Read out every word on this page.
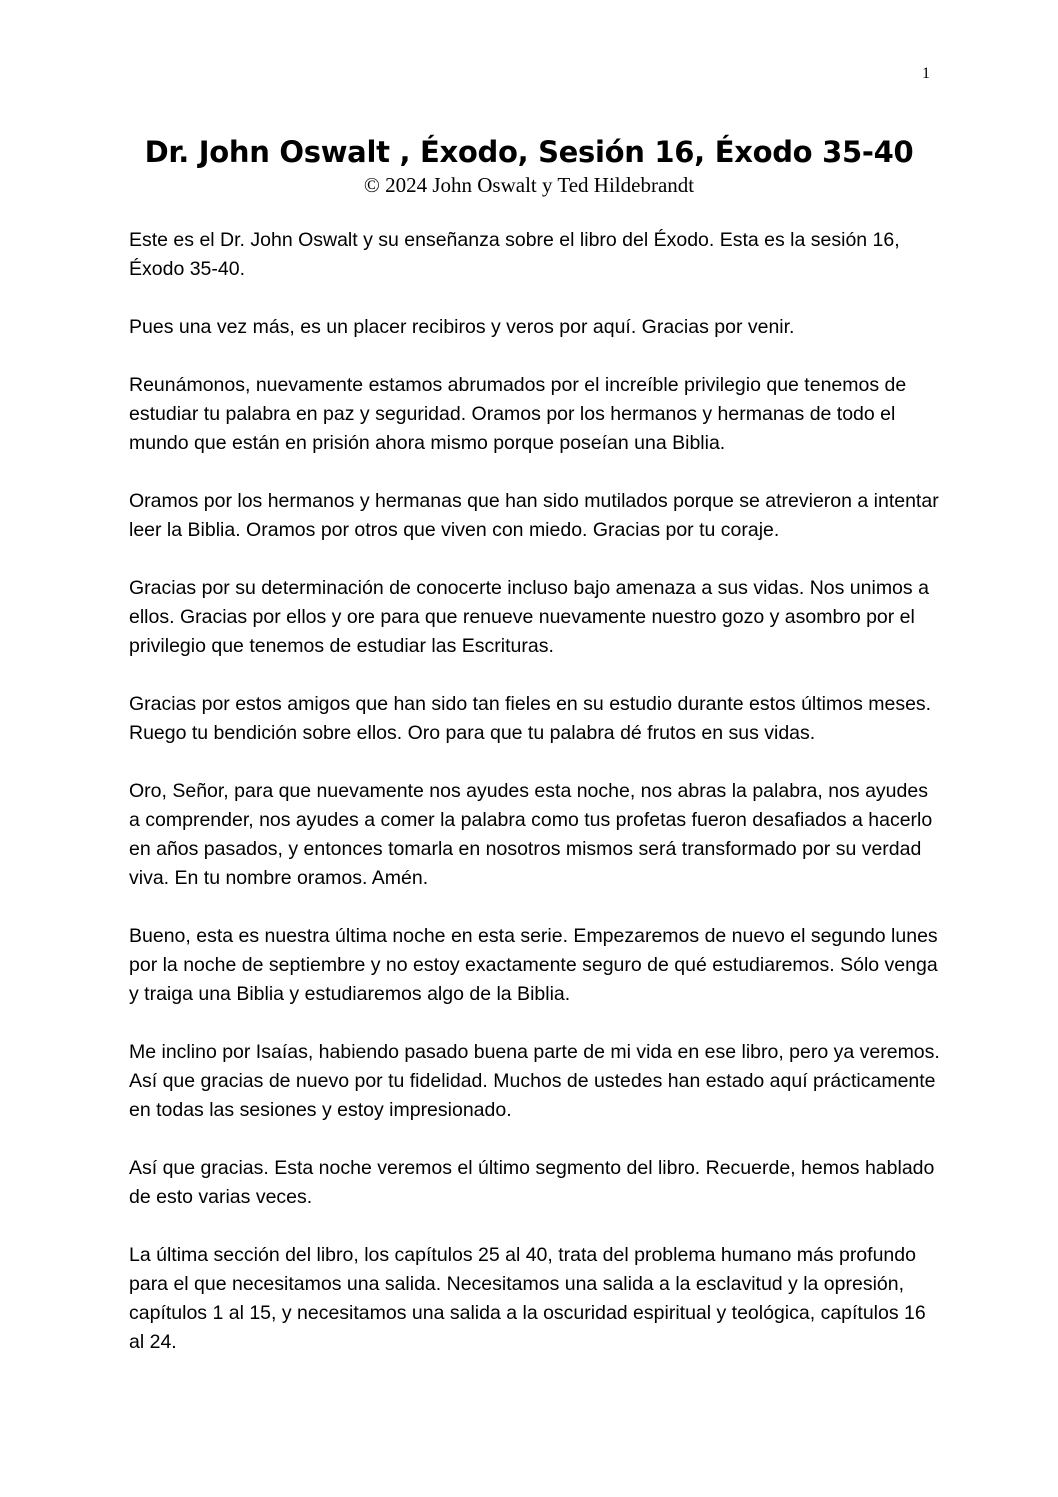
1
Dr. John Oswalt , Éxodo, Sesión 16, Éxodo 35-40
© 2024 John Oswalt y Ted Hildebrandt

Este es el Dr. John Oswalt y su enseñanza sobre el libro del Éxodo. Esta es la sesión 16, Éxodo 35-40.

Pues una vez más, es un placer recibiros y veros por aquí. Gracias por venir.

Reunámonos, nuevamente estamos abrumados por el increíble privilegio que tenemos de estudiar tu palabra en paz y seguridad. Oramos por los hermanos y hermanas de todo el mundo que están en prisión ahora mismo porque poseían una Biblia.

Oramos por los hermanos y hermanas que han sido mutilados porque se atrevieron a intentar leer la Biblia. Oramos por otros que viven con miedo. Gracias por tu coraje.

Gracias por su determinación de conocerte incluso bajo amenaza a sus vidas. Nos unimos a ellos. Gracias por ellos y ore para que renueve nuevamente nuestro gozo y asombro por el privilegio que tenemos de estudiar las Escrituras.

Gracias por estos amigos que han sido tan fieles en su estudio durante estos últimos meses. Ruego tu bendición sobre ellos. Oro para que tu palabra dé frutos en sus vidas.

Oro, Señor, para que nuevamente nos ayudes esta noche, nos abras la palabra, nos ayudes a comprender, nos ayudes a comer la palabra como tus profetas fueron desafiados a hacerlo en años pasados, y entonces tomarla en nosotros mismos será transformado por su verdad viva. En tu nombre oramos. Amén.

Bueno, esta es nuestra última noche en esta serie. Empezaremos de nuevo el segundo lunes por la noche de septiembre y no estoy exactamente seguro de qué estudiaremos. Sólo venga y traiga una Biblia y estudiaremos algo de la Biblia.

Me inclino por Isaías, habiendo pasado buena parte de mi vida en ese libro, pero ya veremos. Así que gracias de nuevo por tu fidelidad. Muchos de ustedes han estado aquí prácticamente en todas las sesiones y estoy impresionado.

Así que gracias. Esta noche veremos el último segmento del libro. Recuerde, hemos hablado de esto varias veces.

La última sección del libro, los capítulos 25 al 40, trata del problema humano más profundo para el que necesitamos una salida. Necesitamos una salida a la esclavitud y la opresión, capítulos 1 al 15, y necesitamos una salida a la oscuridad espiritual y teológica, capítulos 16 al 24.
